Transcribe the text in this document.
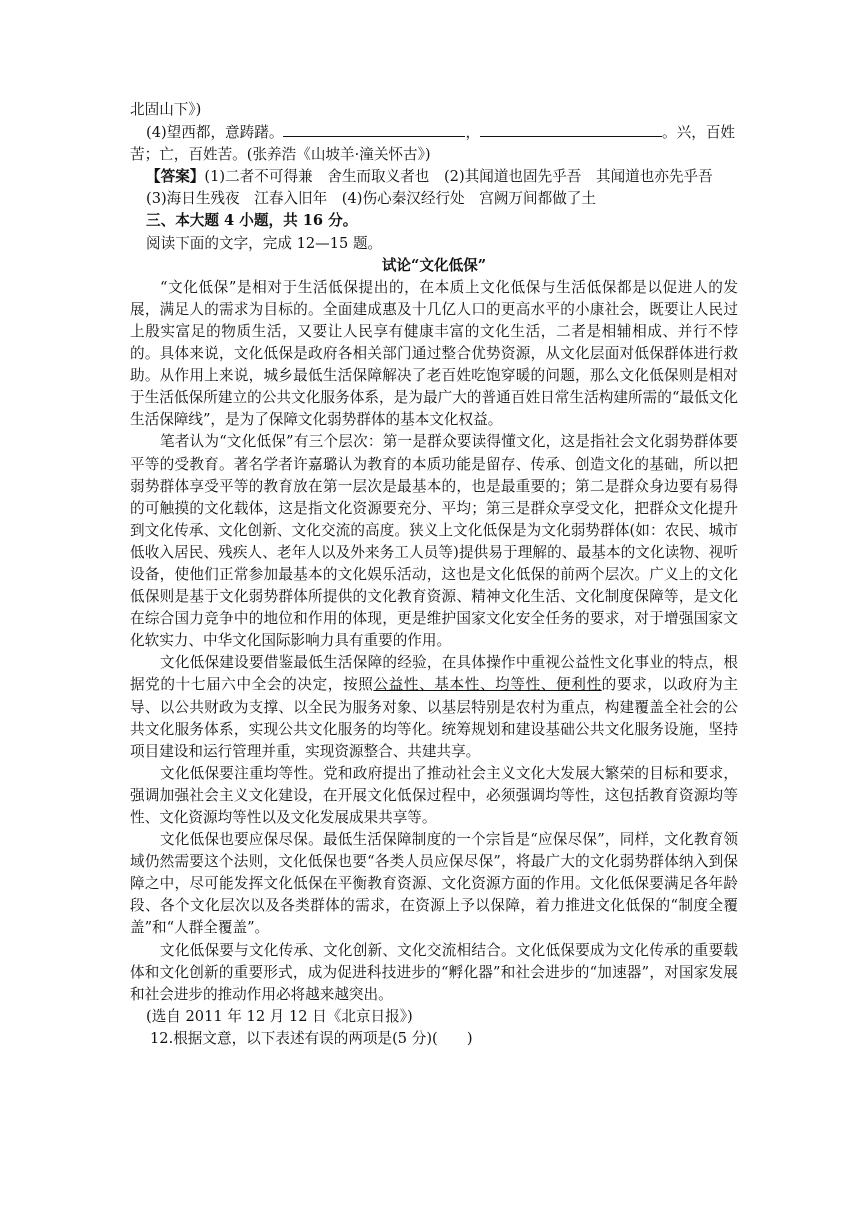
北固山下》)

(4)望西都，意踌躇。	，	。兴，百姓

苦；亡，百姓苦。(张养浩《山坡羊·潼关怀古》)

【答案】(1)二者不可得兼　舍生而取义者也　(2)其闻道也固先乎吾　其闻道也亦先乎吾

(3)海日生残夜　江春入旧年　(4)伤心秦汉经行处　宫阙万间都做了土

三、本大题 4 小题，共 16 分。

阅读下面的文字，完成 12—15 题。

试论“文化低保”

“文化低保”是相对于生活低保提出的，在本质上文化低保与生活低保都是以促进人的发展，满足人的需求为目标的。全面建成惠及十几亿人口的更高水平的小康社会，既要让人民过上殷实富足的物质生活，又要让人民享有健康丰富的文化生活，二者是相辅相成、并行不悖的。具体来说，文化低保是政府各相关部门通过整合优势资源，从文化层面对低保群体进行救助。从作用上来说，城乡最低生活保障解决了老百姓吃饱穿暖的问题，那么文化低保则是相对于生活低保所建立的公共文化服务体系，是为最广大的普通百姓日常生活构建所需的“最低文化生活保障线”，是为了保障文化弱势群体的基本文化权益。

笔者认为“文化低保”有三个层次：第一是群众要读得懂文化，这是指社会文化弱势群体要平等的受教育。著名学者许嘉璐认为教育的本质功能是留存、传承、创造文化的基础，所以把弱势群体享受平等的教育放在第一层次是最基本的，也是最重要的；第二是群众身边要有易得的可触摸的文化载体，这是指文化资源要充分、平均；第三是群众享受文化，把群众文化提升到文化传承、文化创新、文化交流的高度。狭义上文化低保是为文化弱势群体(如：农民、城市低收入居民、残疾人、老年人以及外来务工人员等)提供易于理解的、最基本的文化读物、视听设备，使他们正常参加最基本的文化娱乐活动，这也是文化低保的前两个层次。广义上的文化低保则是基于文化弱势群体所提供的文化教育资源、精神文化生活、文化制度保障等，是文化在综合国力竞争中的地位和作用的体现，更是维护国家文化安全任务的要求，对于增强国家文化软实力、中华文化国际影响力具有重要的作用。

文化低保建设要借鉴最低生活保障的经验，在具体操作中重视公益性文化事业的特点，根据党的十七届六中全会的决定，按照公益性、基本性、均等性、便利性的要求，以政府为主导、以公共财政为支撑、以全民为服务对象、以基层特别是农村为重点，构建覆盖全社会的公共文化服务体系，实现公共文化服务的均等化。统筹规划和建设基础公共文化服务设施，坚持项目建设和运行管理并重，实现资源整合、共建共享。

文化低保要注重均等性。党和政府提出了推动社会主义文化大发展大繁荣的目标和要求，强调加强社会主义文化建设，在开展文化低保过程中，必须强调均等性，这包括教育资源均等性、文化资源均等性以及文化发展成果共享等。

文化低保也要应保尽保。最低生活保障制度的一个宗旨是“应保尽保”，同样，文化教育领域仍然需要这个法则，文化低保也要“各类人员应保尽保”，将最广大的文化弱势群体纳入到保障之中，尽可能发挥文化低保在平衡教育资源、文化资源方面的作用。文化低保要满足各年龄段、各个文化层次以及各类群体的需求，在资源上予以保障，着力推进文化低保的“制度全覆盖”和“人群全覆盖”。

文化低保要与文化传承、文化创新、文化交流相结合。文化低保要成为文化传承的重要载体和文化创新的重要形式，成为促进科技进步的“孵化器”和社会进步的“加速器”，对国家发展和社会进步的推动作用必将越来越突出。

(选自 2011 年 12 月 12 日《北京日报》)

12.根据文意，以下表述有误的两项是(5 分)(　　)
